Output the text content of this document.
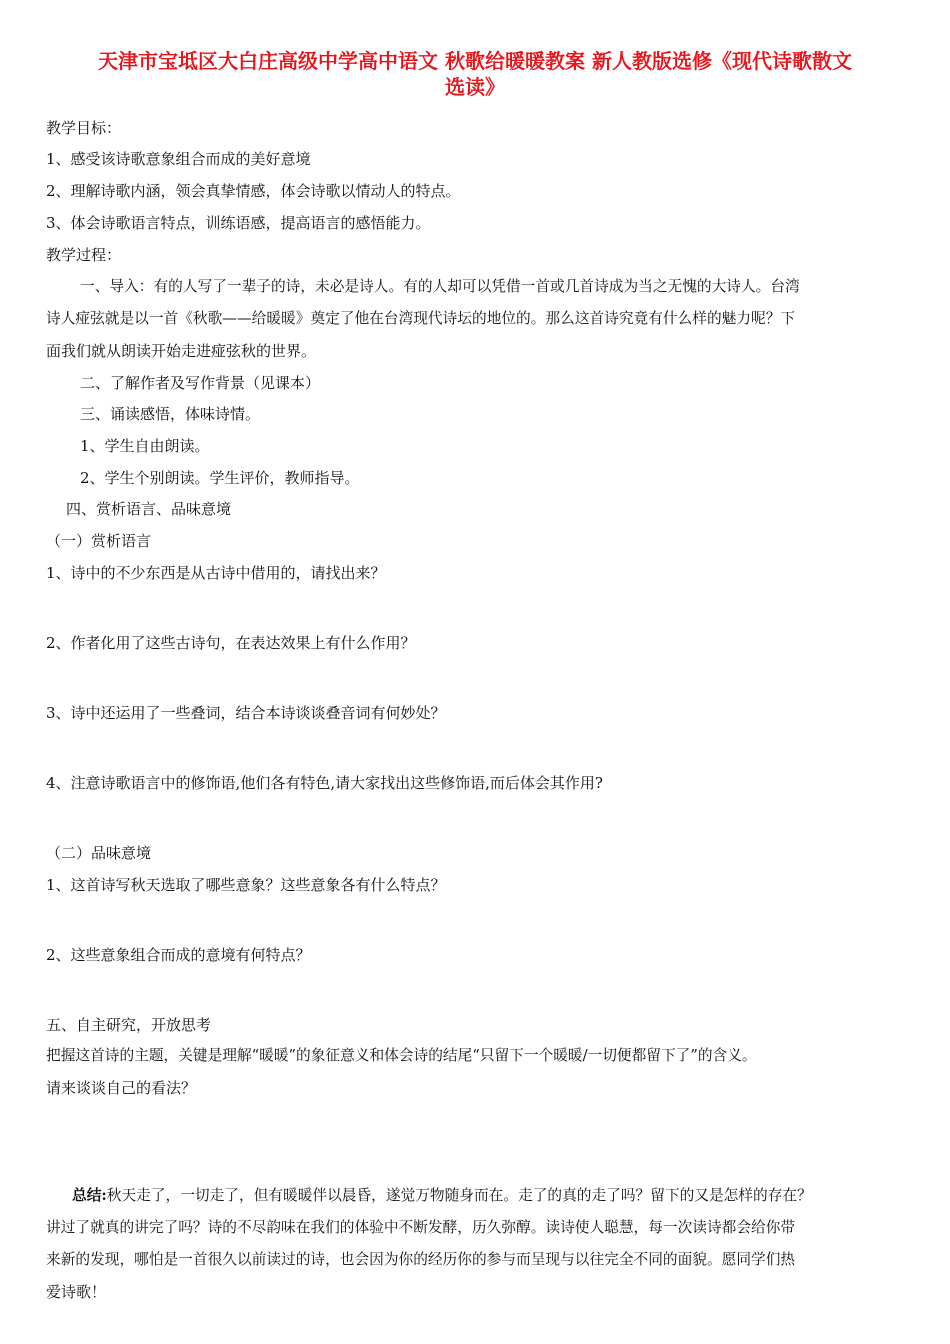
天津市宝坻区大白庄高级中学高中语文 秋歌给暖暖教案 新人教版选修《现代诗歌散文
选读》
教学目标：
1、感受该诗歌意象组合而成的美好意境
2、理解诗歌内涵，领会真挚情感，体会诗歌以情动人的特点。
3、体会诗歌语言特点，训练语感，提高语言的感悟能力。
教学过程：
一、导入：有的人写了一辈子的诗，未必是诗人。有的人却可以凭借一首或几首诗成为当之无愧的大诗人。台湾
诗人痖弦就是以一首《秋歌——给暖暖》奠定了他在台湾现代诗坛的地位的。那么这首诗究竟有什么样的魅力呢？下
面我们就从朗读开始走进痖弦秋的世界。
二、了解作者及写作背景（见课本）
三、诵读感悟，体味诗情。
1、学生自由朗读。
2、学生个别朗读。学生评价，教师指导。
四、赏析语言、品味意境
（一）赏析语言
1、诗中的不少东西是从古诗中借用的，请找出来？
2、作者化用了这些古诗句，在表达效果上有什么作用？
3、诗中还运用了一些叠词，结合本诗谈谈叠音词有何妙处？
4、注意诗歌语言中的修饰语,他们各有特色,请大家找出这些修饰语,而后体会其作用?
（二）品味意境
1、这首诗写秋天选取了哪些意象？这些意象各有什么特点？
2、这些意象组合而成的意境有何特点？
五、自主研究，开放思考
把握这首诗的主题，关键是理解“暖暖”的象征意义和体会诗的结尾“只留下一个暖暖/一切便都留下了”的含义。
请来谈谈自己的看法？
总结:秋天走了，一切走了，但有暖暖伴以晨昏，遂觉万物随身而在。走了的真的走了吗？留下的又是怎样的存在？
讲过了就真的讲完了吗？诗的不尽韵味在我们的体验中不断发酵，历久弥醇。读诗使人聪慧，每一次读诗都会给你带
来新的发现，哪怕是一首很久以前读过的诗，也会因为你的经历你的参与而呈现与以往完全不同的面貌。愿同学们热
爱诗歌！
